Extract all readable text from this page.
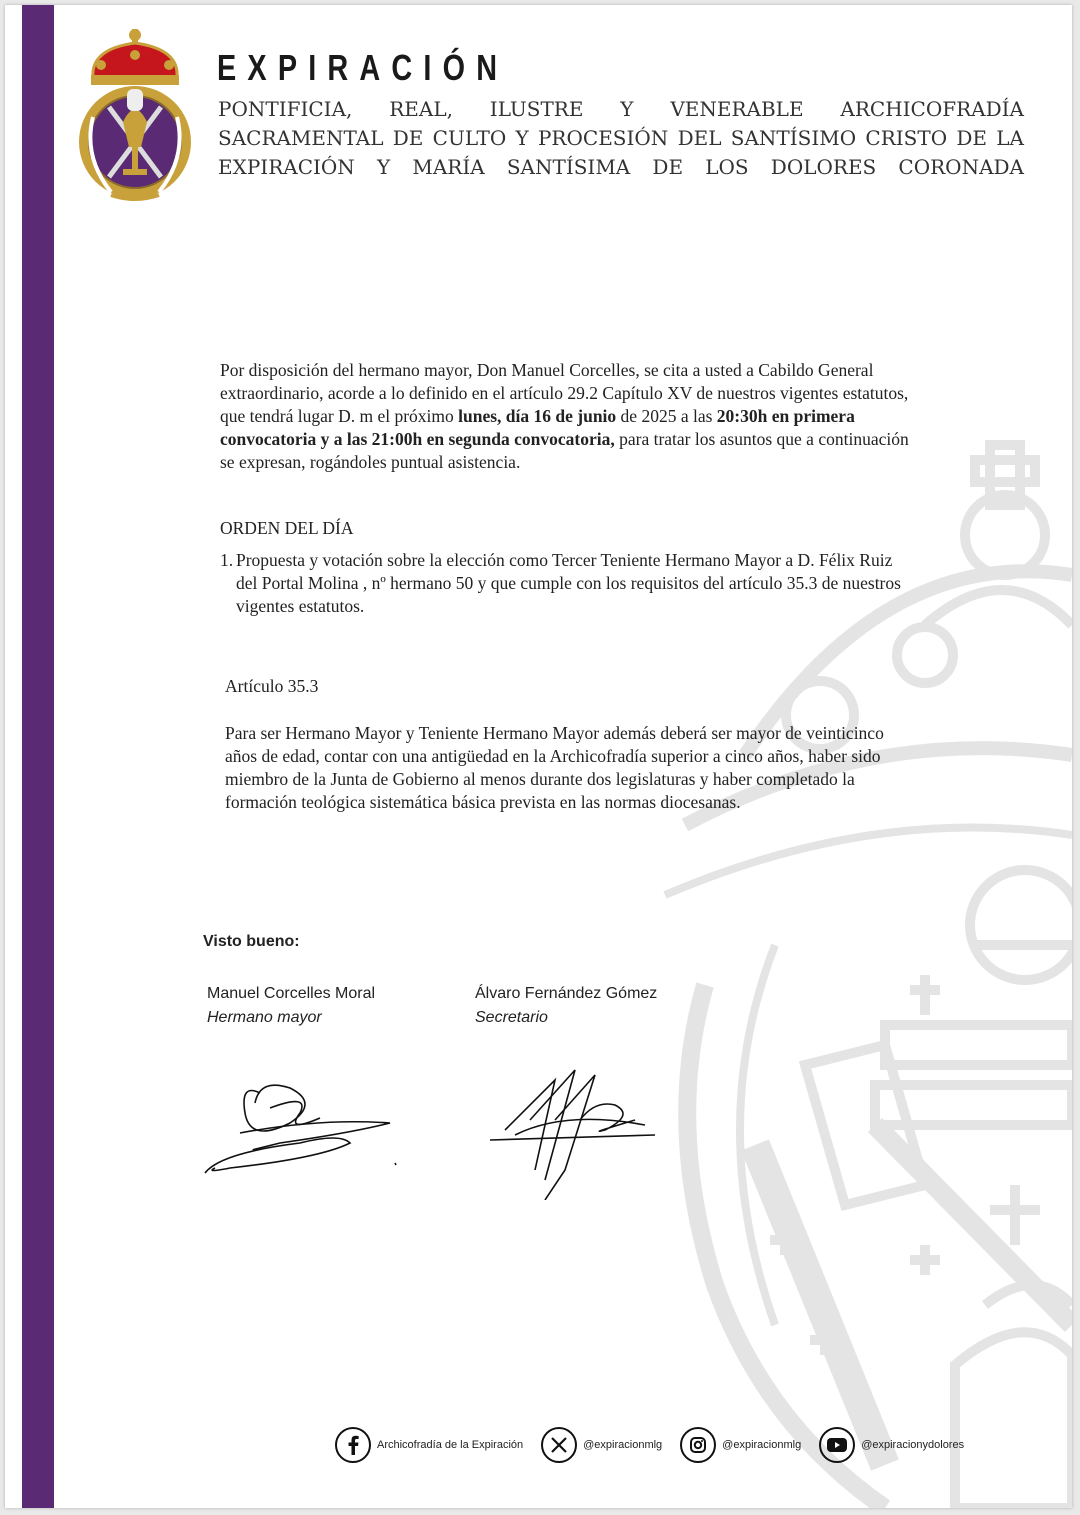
EXPIRACIÓN
PONTIFICIA, REAL, ILUSTRE Y VENERABLE ARCHICOFRADÍA
SACRAMENTAL DE CULTO Y PROCESIÓN DEL SANTÍSIMO CRISTO DE LA
EXPIRACIÓN Y MARÍA SANTÍSIMA DE LOS DOLORES CORONADA
Por disposición del hermano mayor, Don Manuel Corcelles, se cita a usted a Cabildo General extraordinario, acorde a lo definido en el artículo 29.2 Capítulo XV de nuestros vigentes estatutos, que tendrá lugar D. m el próximo lunes, día 16 de junio de 2025 a las 20:30h en primera convocatoria y a las 21:00h en segunda convocatoria, para tratar los asuntos que a continuación se expresan, rogándoles puntual asistencia.
ORDEN DEL DÍA
1. Propuesta y votación sobre la elección como Tercer Teniente Hermano Mayor a D. Félix Ruiz del Portal Molina , nº hermano 50 y que cumple con los requisitos del artículo 35.3 de nuestros vigentes estatutos.
Artículo 35.3
Para ser Hermano Mayor y Teniente Hermano Mayor además deberá ser mayor de veinticinco años de edad, contar con una antigüedad en la Archicofradía superior a cinco años, haber sido miembro de la Junta de Gobierno al menos durante dos legislaturas y haber completado la formación teológica sistemática básica prevista en las normas diocesanas.
Visto bueno:
Manuel Corcelles Moral
Hermano mayor
Álvaro Fernández Gómez
Secretario
Archicofradía de la Expiración	@expiracionmlg	@expiracionmlg	@expiracionydolores
